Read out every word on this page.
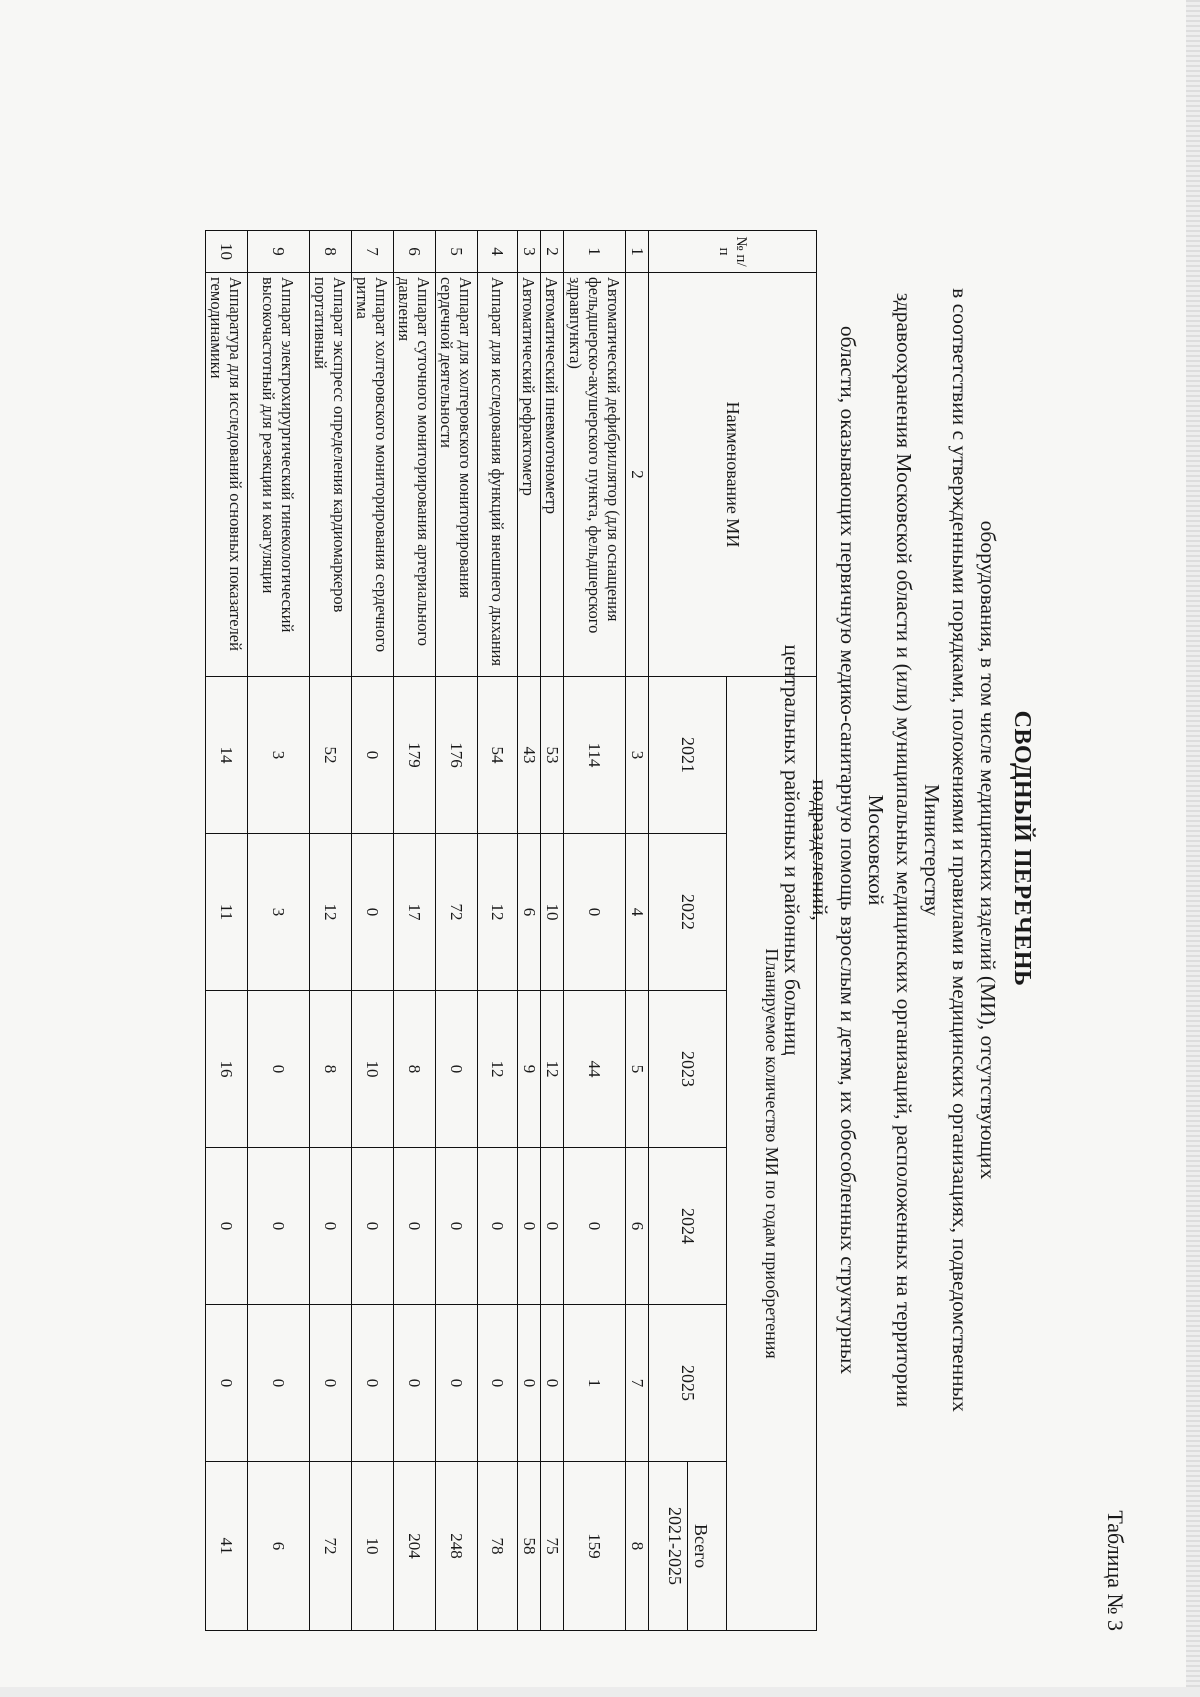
Таблица № 3
СВОДНЫЙ ПЕРЕЧЕНЬ
оборудования, в том числе медицинских изделий (МИ), отсутствующих
в соответствии с утвержденными порядками, положениями и правилами в медицинских организациях, подведомственных Министерству
здравоохранения Московской области и (или) муниципальных медицинских организаций, расположенных на территории Московской
области, оказывающих первичную медико-санитарную помощь взрослым и детям, их обособленных структурных подразделений,
центральных районных и районных больниц
№ п/п	Наименование МИ	Планируемое количество МИ по годам приобретения					
		2021	2022	2023	2024	2025	Всего
2021-2025

1	2	3	4	5	6	7	8
1	Автоматический дефибриллятор (для оснащения фельдшерско-акушерского пункта, фельдшерского здравпункта)	114	0	44	0	1	159
2	Автоматический пневмотонометр	53	10	12	0	0	75
3	Автоматический рефрактометр	43	6	9	0	0	58
4	Аппарат для исследования функций внешнего дыхания	54	12	12	0	0	78
5	Аппарат для холтеровского мониторирования сердечной деятельности	176	72	0	0	0	248
6	Аппарат суточного мониторирования артериального давления	179	17	8	0	0	204
7	Аппарат холтеровского мониторирования сердечного ритма	0	0	10	0	0	10
8	Аппарат экспресс определения кардиомаркеров портативный	52	12	8	0	0	72
9	Аппарат электрохирургический гинекологический высокочастотный для резекции и коагуляции	3	3	0	0	0	6
10	Аппаратура для исследований основных показателей гемодинамики	14	11	16	0	0	41
